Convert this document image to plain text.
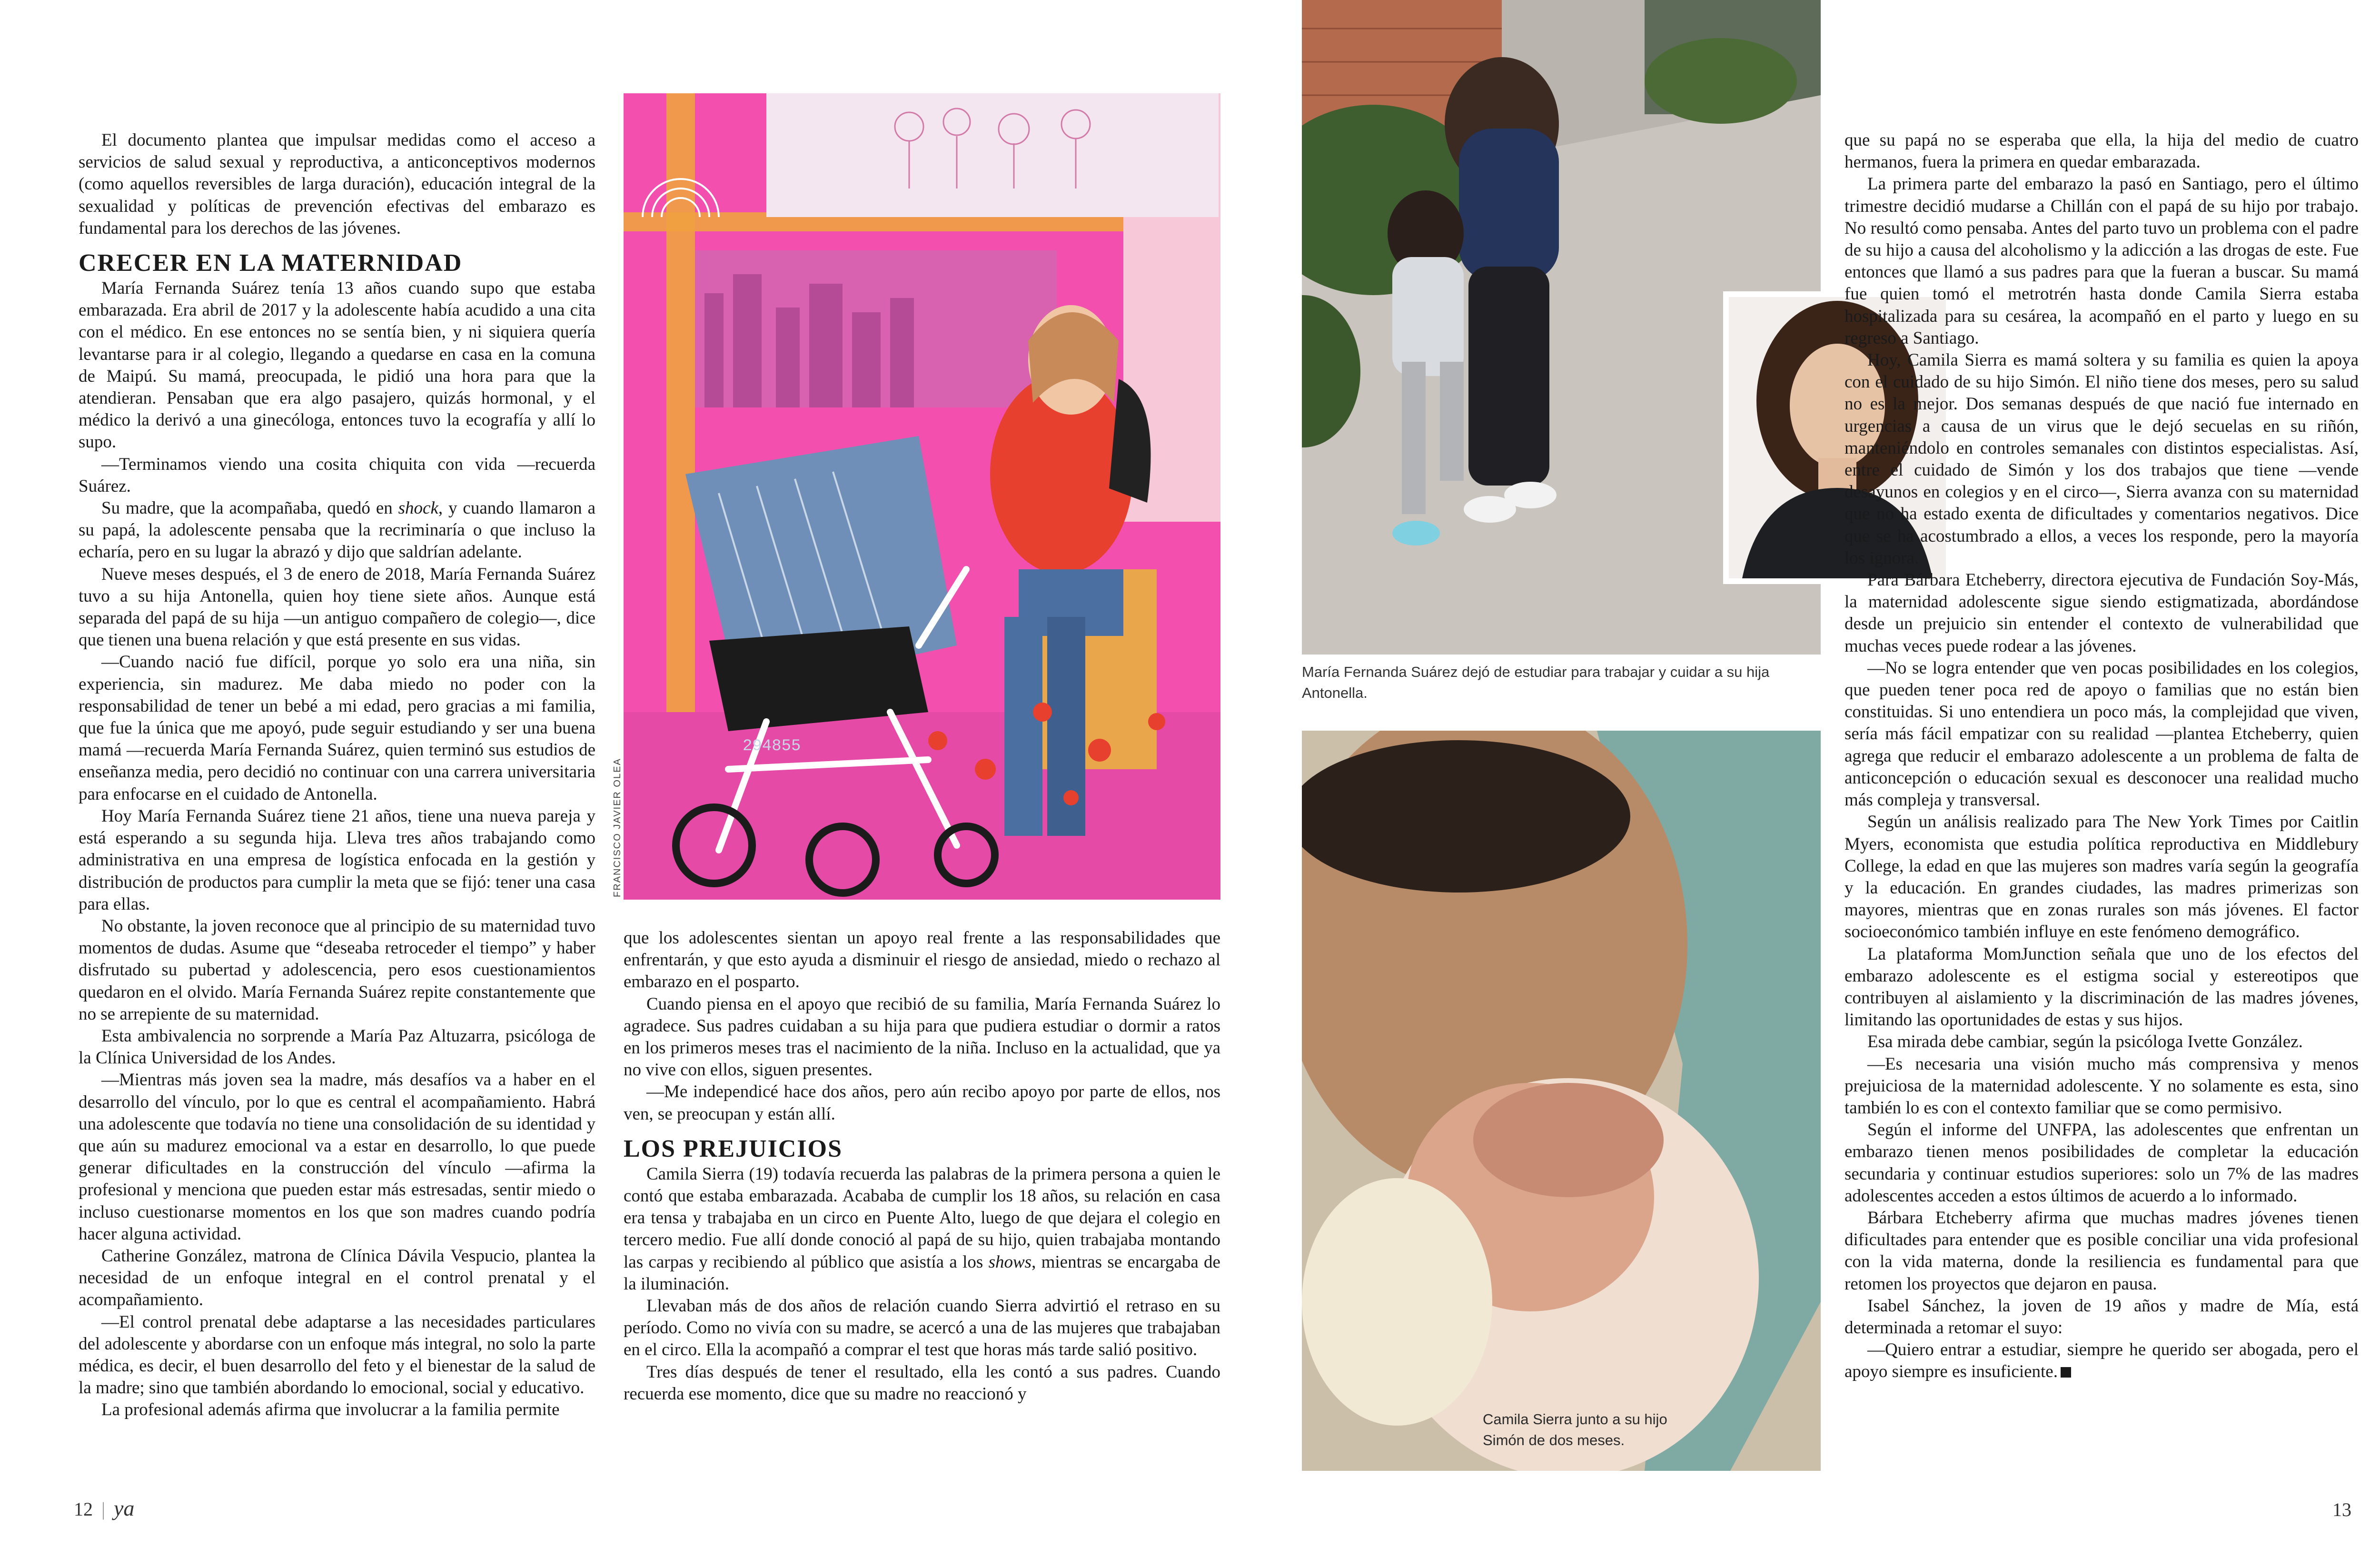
El documento plantea que impulsar medidas como el acceso a servicios de salud sexual y reproductiva, a anticonceptivos modernos (como aquellos reversibles de larga duración), educación integral de la sexualidad y políticas de prevención efectivas del embarazo es fundamental para los derechos de las jóvenes.

CRECER EN LA MATERNIDAD

María Fernanda Suárez tenía 13 años cuando supo que estaba embarazada. Era abril de 2017 y la adolescente había acudido a una cita con el médico. En ese entonces no se sentía bien, y ni siquiera quería levantarse para ir al colegio, llegando a quedarse en casa en la comuna de Maipú. Su mamá, preocupada, le pidió una hora para que la atendieran. Pensaban que era algo pasajero, quizás hormonal, y el médico la derivó a una ginecóloga, entonces tuvo la ecografía y allí lo supo.

—Terminamos viendo una cosita chiquita con vida —recuerda Suárez.

Su madre, que la acompañaba, quedó en shock, y cuando llamaron a su papá, la adolescente pensaba que la recriminaría o que incluso la echaría, pero en su lugar la abrazó y dijo que saldrían adelante.

Nueve meses después, el 3 de enero de 2018, María Fernanda Suárez tuvo a su hija Antonella, quien hoy tiene siete años. Aunque está separada del papá de su hija —un antiguo compañero de colegio—, dice que tienen una buena relación y que está presente en sus vidas.

—Cuando nació fue difícil, porque yo solo era una niña, sin experiencia, sin madurez. Me daba miedo no poder con la responsabilidad de tener un bebé a mi edad, pero gracias a mi familia, que fue la única que me apoyó, pude seguir estudiando y ser una buena mamá —recuerda María Fernanda Suárez, quien terminó sus estudios de enseñanza media, pero decidió no continuar con una carrera universitaria para enfocarse en el cuidado de Antonella.

Hoy María Fernanda Suárez tiene 21 años, tiene una nueva pareja y está esperando a su segunda hija. Lleva tres años trabajando como administrativa en una empresa de logística enfocada en la gestión y distribución de productos para cumplir la meta que se fijó: tener una casa para ellas.

No obstante, la joven reconoce que al principio de su maternidad tuvo momentos de dudas. Asume que “deseaba retroceder el tiempo” y haber disfrutado su pubertad y adolescencia, pero esos cuestionamientos quedaron en el olvido. María Fernanda Suárez repite constantemente que no se arrepiente de su maternidad.

Esta ambivalencia no sorprende a María Paz Altuzarra, psicóloga de la Clínica Universidad de los Andes.

—Mientras más joven sea la madre, más desafíos va a haber en el desarrollo del vínculo, por lo que es central el acompañamiento. Habrá una adolescente que todavía no tiene una consolidación de su identidad y que aún su madurez emocional va a estar en desarrollo, lo que puede generar dificultades en la construcción del vínculo —afirma la profesional y menciona que pueden estar más estresadas, sentir miedo o incluso cuestionarse momentos en los que son madres cuando podría hacer alguna actividad.

Catherine González, matrona de Clínica Dávila Vespucio, plantea la necesidad de un enfoque integral en el control prenatal y el acompañamiento.

—El control prenatal debe adaptarse a las necesidades particulares del adolescente y abordarse con un enfoque más integral, no solo la parte médica, es decir, el buen desarrollo del feto y el bienestar de la salud de la madre; sino que también abordando lo emocional, social y educativo.

La profesional además afirma que involucrar a la familia permite

294855
FRANCISCO JAVIER OLEA

que los adolescentes sientan un apoyo real frente a las responsabilidades que enfrentarán, y que esto ayuda a disminuir el riesgo de ansiedad, miedo o rechazo al embarazo en el posparto.

Cuando piensa en el apoyo que recibió de su familia, María Fernanda Suárez lo agradece. Sus padres cuidaban a su hija para que pudiera estudiar o dormir a ratos en los primeros meses tras el nacimiento de la niña. Incluso en la actualidad, que ya no vive con ellos, siguen presentes.

—Me independicé hace dos años, pero aún recibo apoyo por parte de ellos, nos ven, se preocupan y están allí.

LOS PREJUICIOS

Camila Sierra (19) todavía recuerda las palabras de la primera persona a quien le contó que estaba embarazada. Acababa de cumplir los 18 años, su relación en casa era tensa y trabajaba en un circo en Puente Alto, luego de que dejara el colegio en tercero medio. Fue allí donde conoció al papá de su hijo, quien trabajaba montando las carpas y recibiendo al público que asistía a los shows, mientras se encargaba de la iluminación.

Llevaban más de dos años de relación cuando Sierra advirtió el retraso en su período. Como no vivía con su madre, se acercó a una de las mujeres que trabajaban en el circo. Ella la acompañó a comprar el test que horas más tarde salió positivo.

Tres días después de tener el resultado, ella les contó a sus padres. Cuando recuerda ese momento, dice que su madre no reaccionó y

María Fernanda Suárez dejó de estudiar para trabajar y cuidar a su hija Antonella.
Camila Sierra junto a su hijo Simón de dos meses.

que su papá no se esperaba que ella, la hija del medio de cuatro hermanos, fuera la primera en quedar embarazada.

La primera parte del embarazo la pasó en Santiago, pero el último trimestre decidió mudarse a Chillán con el papá de su hijo por trabajo. No resultó como pensaba. Antes del parto tuvo un problema con el padre de su hijo a causa del alcoholismo y la adicción a las drogas de este. Fue entonces que llamó a sus padres para que la fueran a buscar. Su mamá fue quien tomó el metrotrén hasta donde Camila Sierra estaba hospitalizada para su cesárea, la acompañó en el parto y luego en su regreso a Santiago.

Hoy, Camila Sierra es mamá soltera y su familia es quien la apoya con el cuidado de su hijo Simón. El niño tiene dos meses, pero su salud no es la mejor. Dos semanas después de que nació fue internado en urgencias a causa de un virus que le dejó secuelas en su riñón, manteniéndolo en controles semanales con distintos especialistas. Así, entre el cuidado de Simón y los dos trabajos que tiene —vende desayunos en colegios y en el circo—, Sierra avanza con su maternidad que no ha estado exenta de dificultades y comentarios negativos. Dice que se ha acostumbrado a ellos, a veces los responde, pero la mayoría los ignora.

Para Bárbara Etcheberry, directora ejecutiva de Fundación Soy-Más, la maternidad adolescente sigue siendo estigmatizada, abordándose desde un prejuicio sin entender el contexto de vulnerabilidad que muchas veces puede rodear a las jóvenes.

—No se logra entender que ven pocas posibilidades en los colegios, que pueden tener poca red de apoyo o familias que no están bien constituidas. Si uno entendiera un poco más, la complejidad que viven, sería más fácil empatizar con su realidad —plantea Etcheberry, quien agrega que reducir el embarazo adolescente a un problema de falta de anticoncepción o educación sexual es desconocer una realidad mucho más compleja y transversal.

Según un análisis realizado para The New York Times por Caitlin Myers, economista que estudia política reproductiva en Middlebury College, la edad en que las mujeres son madres varía según la geografía y la educación. En grandes ciudades, las madres primerizas son mayores, mientras que en zonas rurales son más jóvenes. El factor socioeconómico también influye en este fenómeno demográfico.

La plataforma MomJunction señala que uno de los efectos del embarazo adolescente es el estigma social y estereotipos que contribuyen al aislamiento y la discriminación de las madres jóvenes, limitando las oportunidades de estas y sus hijos.

Esa mirada debe cambiar, según la psicóloga Ivette González.

—Es necesaria una visión mucho más comprensiva y menos prejuiciosa de la maternidad adolescente. Y no solamente es esta, sino también lo es con el contexto familiar que se como permisivo.

Según el informe del UNFPA, las adolescentes que enfrentan un embarazo tienen menos posibilidades de completar la educación secundaria y continuar estudios superiores: solo un 7% de las madres adolescentes acceden a estos últimos de acuerdo a lo informado.

Bárbara Etcheberry afirma que muchas madres jóvenes tienen dificultades para entender que es posible conciliar una vida profesional con la vida materna, donde la resiliencia es fundamental para que retomen los proyectos que dejaron en pausa.

Isabel Sánchez, la joven de 19 años y madre de Mía, está determinada a retomar el suyo:

—Quiero entrar a estudiar, siempre he querido ser abogada, pero el apoyo siempre es insuficiente.

12 | ya	13
